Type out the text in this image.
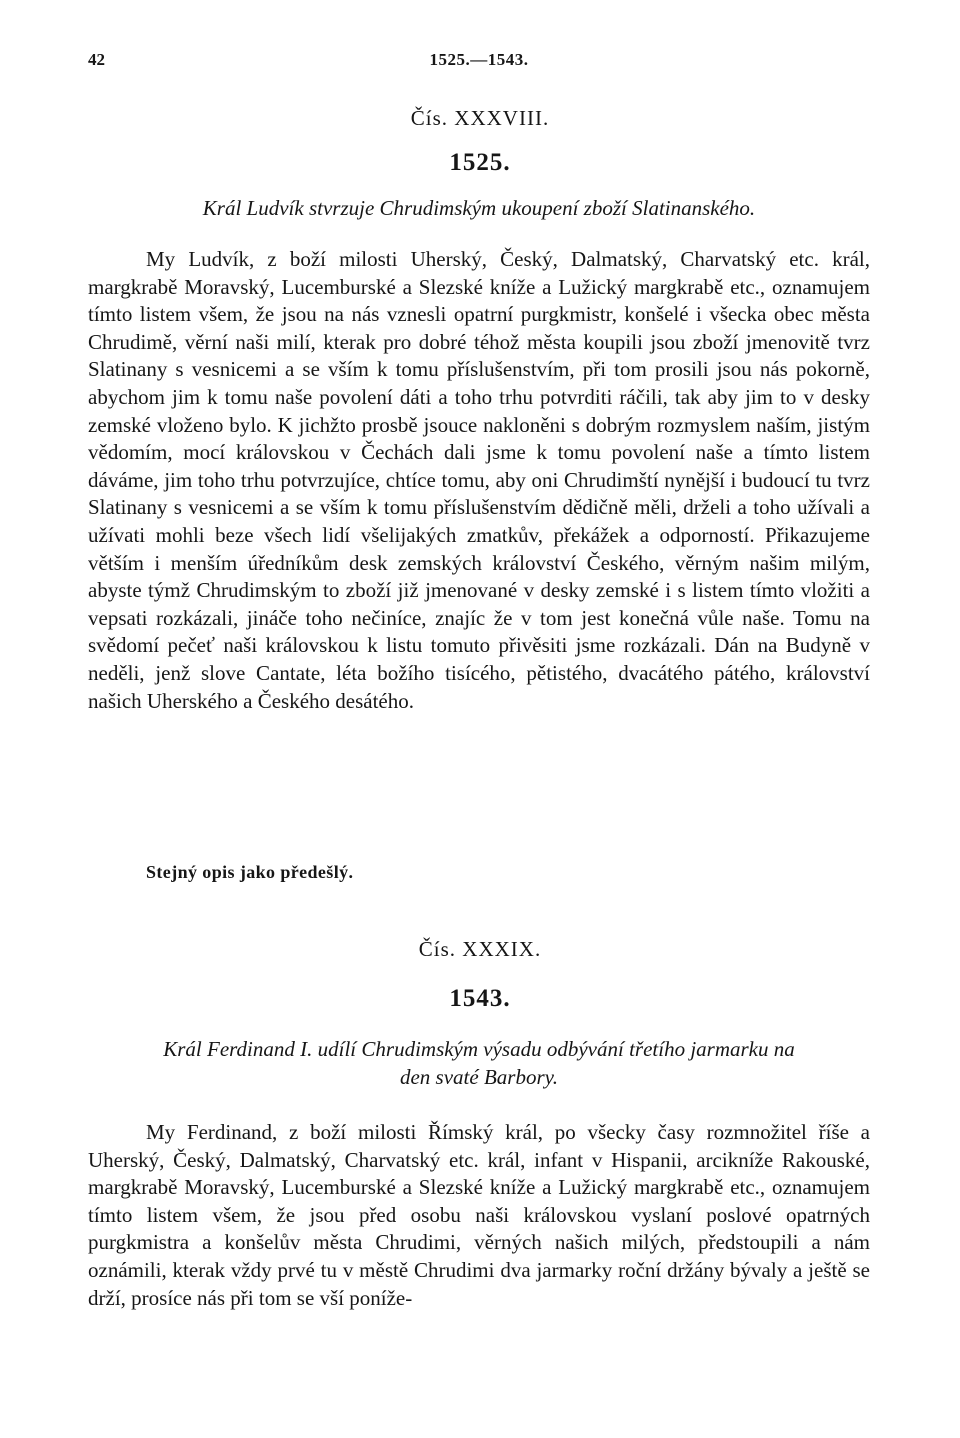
42	1525.—1543.
Čís. XXXVIII.
1525.
Král Ludvík stvrzuje Chrudimským ukoupení zboží Slatinanského.

My Ludvík, z boží milosti Uherský, Český, Dalmatský, Charvatský etc. král, margkrabě Moravský, Lucemburské a Slezské kníže a Lužický margkrabě etc., oznamujem tímto listem všem, že jsou na nás vznesli opatrní purgkmistr, konšelé i všecka obec města Chrudimě, věrní naši milí, kterak pro dobré téhož města koupili jsou zboží jmenovitě tvrz Slatinany s vesnicemi a se vším k tomu příslušenstvím, při tom prosili jsou nás pokorně, abychom jim k tomu naše povolení dáti a toho trhu potvrditi ráčili, tak aby jim to v desky zemské vloženo bylo. K jichžto prosbě jsouce nakloněni s dobrým rozmyslem naším, jistým vědomím, mocí královskou v Čechách dali jsme k tomu povolení naše a tímto listem dáváme, jim toho trhu potvrzujíce, chtíce tomu, aby oni Chrudimští nynější i budoucí tu tvrz Slatinany s vesnicemi a se vším k tomu příslušenstvím dědičně měli, drželi a toho užívali a užívati mohli beze všech lidí všelijakých zmatkův, překážek a odporností. Přikazujeme větším i menším úředníkům desk zemských království Českého, věrným našim milým, abyste týmž Chrudimským to zboží již jmenované v desky zemské i s listem tímto vložiti a vepsati rozkázali, jináče toho nečiníce, znajíc že v tom jest konečná vůle naše. Tomu na svědomí pečeť naši královskou k listu tomuto přivěsiti jsme rozkázali. Dán na Budyně v neděli, jenž slove Cantate, léta božího tisícého, pětistého, dvacátého pátého, království našich Uherského a Českého desátého.

Stejný opis jako předešlý.
Čís. XXXIX.
1543.
Král Ferdinand I. udílí Chrudimským výsadu odbývání třetího jarmarku na
den svaté Barbory.

My Ferdinand, z boží milosti Římský král, po všecky časy rozmnožitel říše a Uherský, Český, Dalmatský, Charvatský etc. král, infant v Hispanii, arcikníže Rakouské, margkrabě Moravský, Lucemburské a Slezské kníže a Lužický margkrabě etc., oznamujem tímto listem všem, že jsou před osobu naši královskou vyslaní poslové opatrných purgkmistra a konšelův města Chrudimi, věrných našich milých, předstoupili a nám oznámili, kterak vždy prvé tu v městě Chrudimi dva jarmarky roční držány bývaly a ještě se drží, prosíce nás při tom se vší poníže-
